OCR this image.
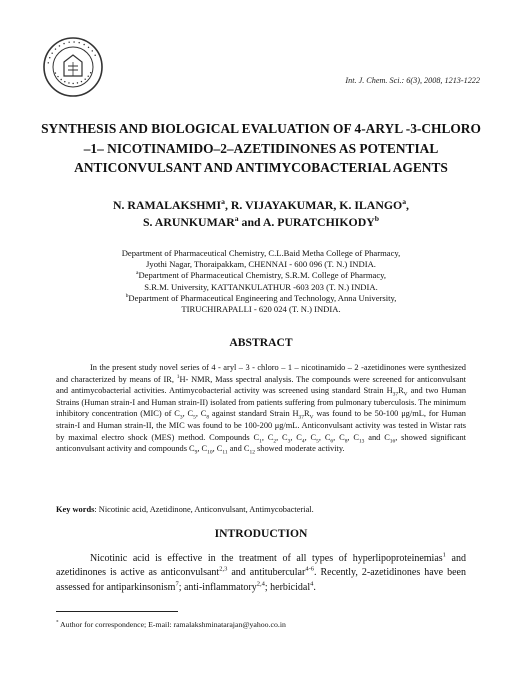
• • • • • • • • • • • • •
• • • • • • • • • • •
Int. J. Chem. Sci.: 6(3), 2008, 1213-1222
SYNTHESIS AND BIOLOGICAL EVALUATION OF 4-ARYL -3-CHLORO –1– NICOTINAMIDO–2–AZETIDINONES AS POTENTIAL ANTICONVULSANT AND ANTIMYCOBACTERIAL AGENTS
N. RAMALAKSHMI$^a$, R. VIJAYAKUMAR, K. ILANGO$^a$,
S. ARUNKUMAR$^a$ and A. PURATCHIKODY$^b$
Department of Pharmaceutical Chemistry, C.L.Baid Metha College of Pharmacy,
Jyothi Nagar, Thoraipakkam, CHENNAI - 600 096 (T. N.) INDIA.
$^a$Department of Pharmaceutical Chemistry, S.R.M. College of Pharmacy,
S.R.M. University, KATTANKULATHUR -603 203 (T. N.) INDIA.
$^b$Department of Pharmaceutical Engineering and Technology, Anna University,
TIRUCHIRAPALLI - 620 024 (T. N.) INDIA.
ABSTRACT
In the present study novel series of 4 - aryl – 3 - chloro – 1 – nicotinamido – 2 -azetidinones were synthesized and characterized by means of IR, $^1$H- NMR, Mass spectral analysis. The compounds were screened for anticonvulsant and antimycobacterial activities. Antimycobacterial activity was screened using standard Strain $H_{37}R_V$ and two Human Strains (Human strain-I and Human strain-II) isolated from patients suffering from pulmonary tuberculosis. The minimum inhibitory concentration (MIC) of $C_3$, $C_5$, $C_8$ against standard Strain $H_{37}R_V$ was found to be 50-100 μg/mL, for Human strain-I and Human strain-II, the MIC was found to be 100-200 μg/mL. Anticonvulsant activity was tested in Wistar rats by maximal electro shock (MES) method. Compounds $C_1$, $C_2$, $C_3$, $C_4$, $C_5$, $C_6$, $C_8$, $C_{13}$ and $C_{16}$, showed significant anticonvulsant activity and compounds $C_9$, $C_{10}$, $C_{11}$ and $C_{12}$ showed moderate activity.
Key words: Nicotinic acid, Azetidinone, Anticonvulsant, Antimycobacterial.
INTRODUCTION
Nicotinic acid is effective in the treatment of all types of hyperlipoproteinemias$^1$ and azetidinones is active as anticonvulsant$^{2,3}$ and antitubercular$^{4-6}$. Recently, 2-azetidinones have been assessed for antiparkinsonism$^7$; anti-inflammatory$^{2,4}$; herbicidal$^4$.
* Author for correspondence; E-mail: ramalakshminatarajan@yahoo.co.in
